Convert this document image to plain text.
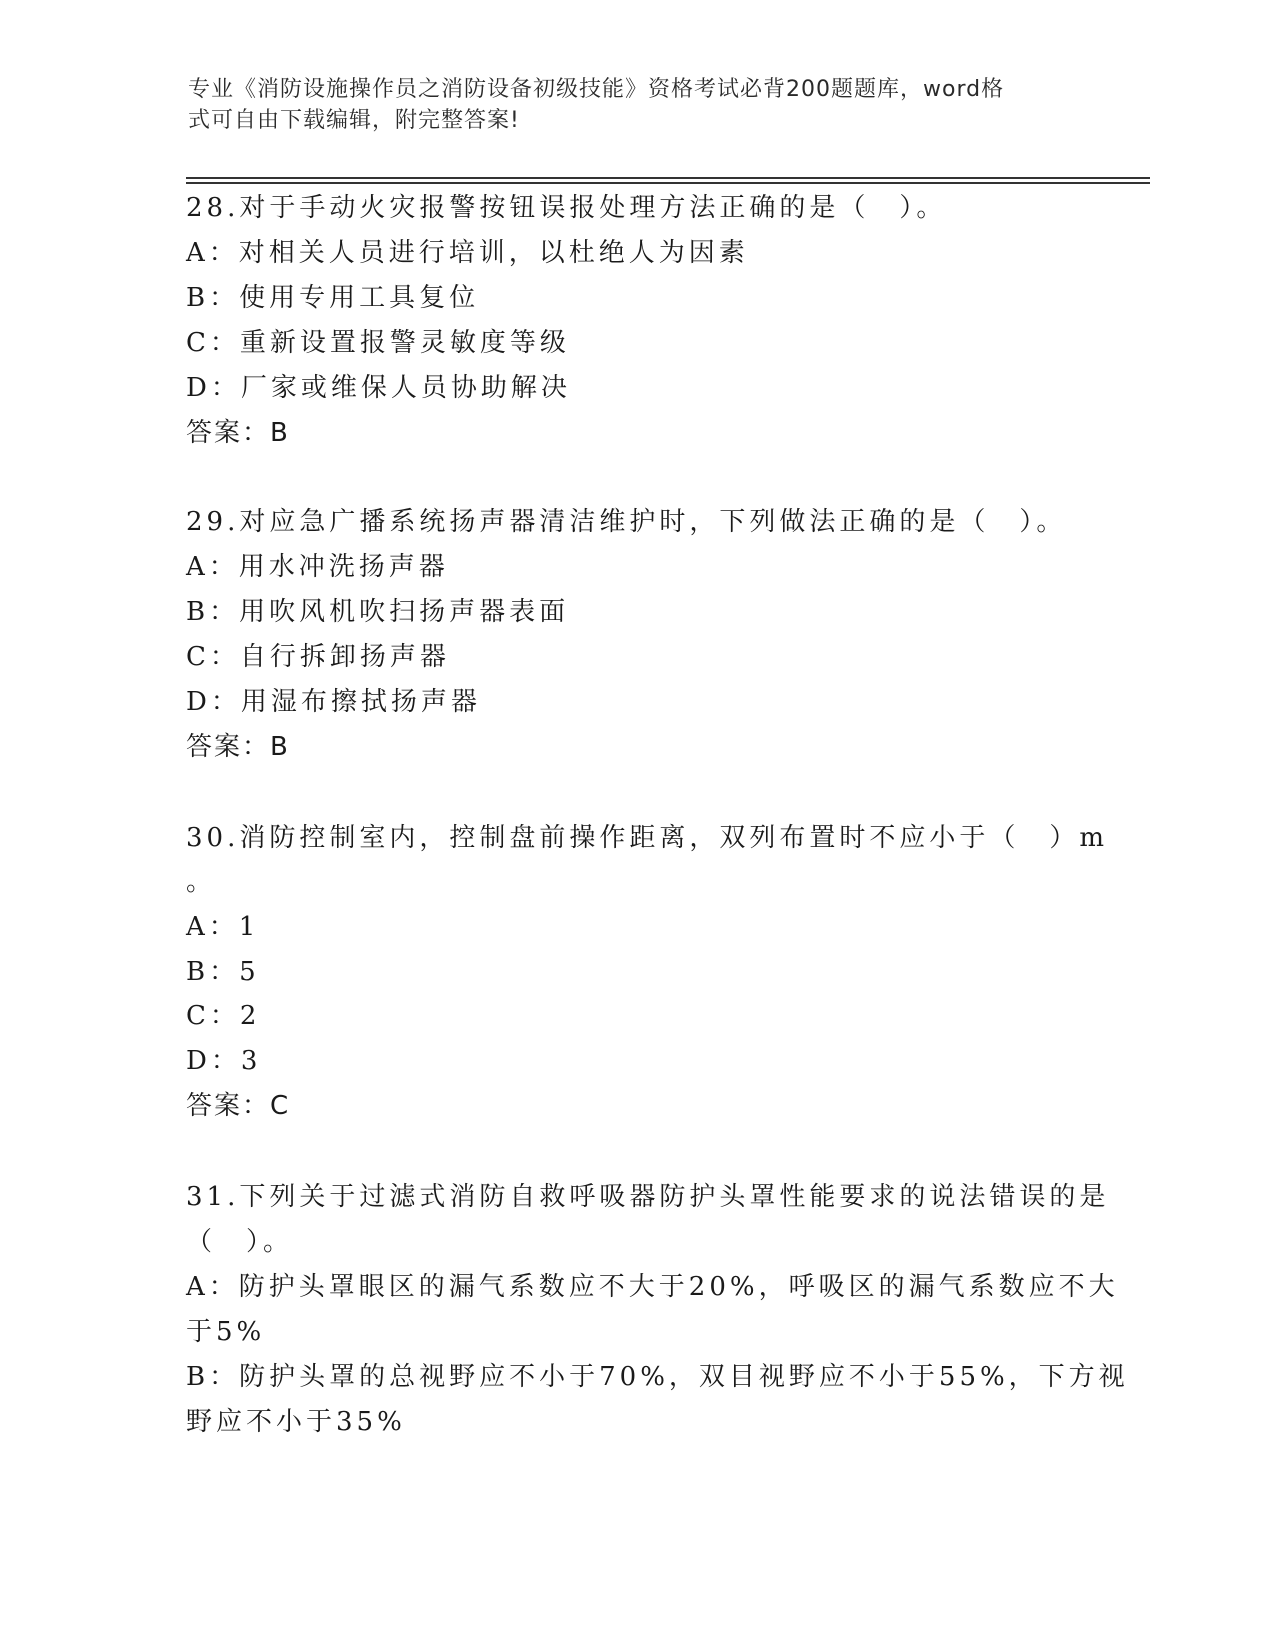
专业《消防设施操作员之消防设备初级技能》资格考试必背200题题库，word格
式可自由下载编辑，附完整答案!
28.对于手动火灾报警按钮误报处理方法正确的是（　）。
A：对相关人员进行培训，以杜绝人为因素
B：使用专用工具复位
C：重新设置报警灵敏度等级
D：厂家或维保人员协助解决
答案：B
29.对应急广播系统扬声器清洁维护时，下列做法正确的是（　）。
A：用水冲洗扬声器
B：用吹风机吹扫扬声器表面
C：自行拆卸扬声器
D：用湿布擦拭扬声器
答案：B
30.消防控制室内，控制盘前操作距离，双列布置时不应小于（　）m
。
A：1
B：5
C：2
D：3
答案：C
31.下列关于过滤式消防自救呼吸器防护头罩性能要求的说法错误的是
（　）。
A：防护头罩眼区的漏气系数应不大于20%，呼吸区的漏气系数应不大
于5%
B：防护头罩的总视野应不小于70%，双目视野应不小于55%，下方视
野应不小于35%
